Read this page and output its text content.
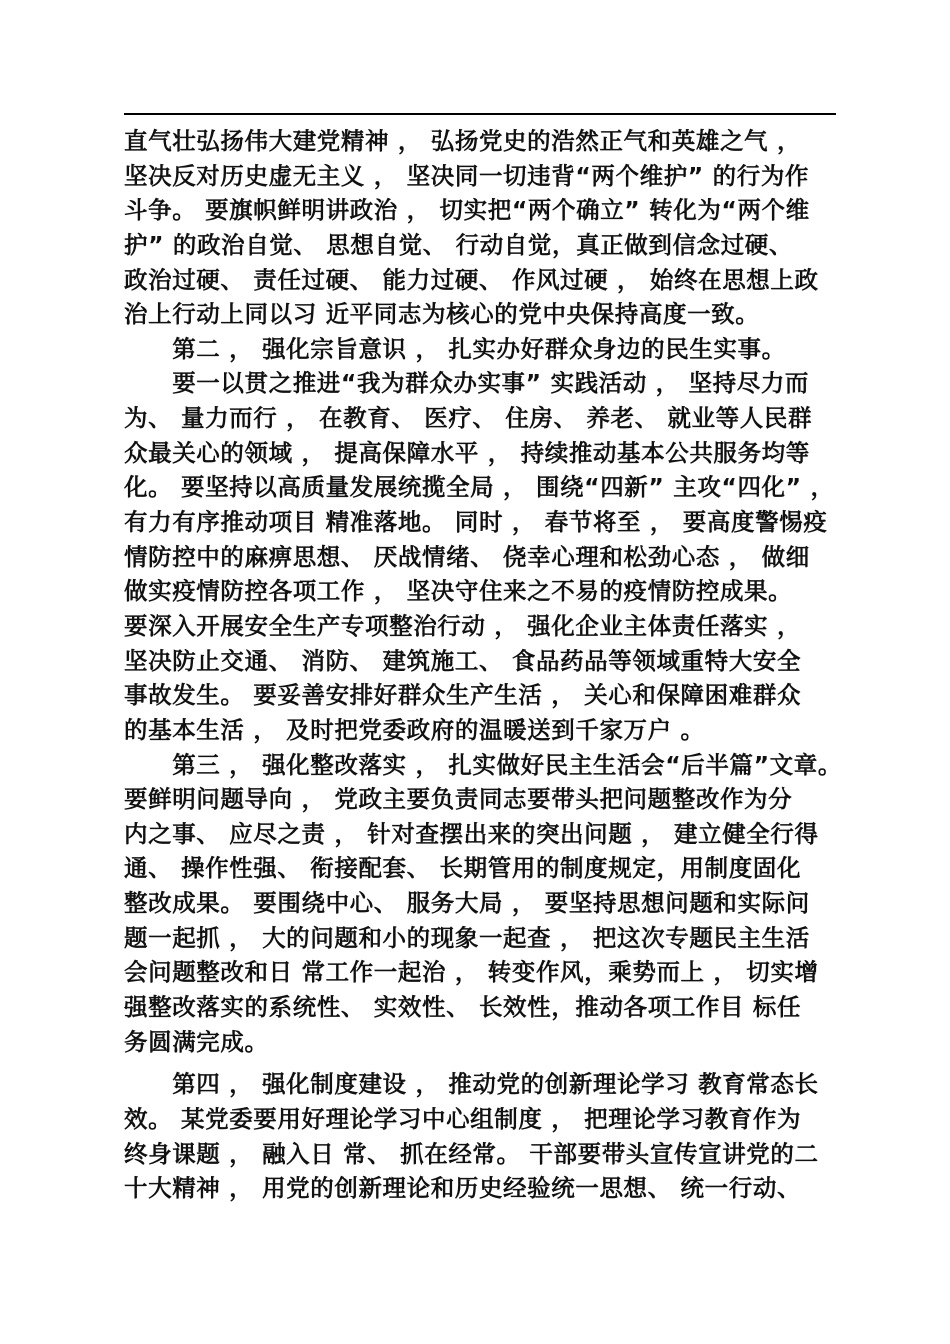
直气壮弘扬伟大建党精神 ， 弘扬党史的浩然正气和英雄之气 ，
坚决反对历史虚无主义 ， 坚决同一切违背“两个维护” 的行为作
斗争。 要旗帜鲜明讲政治 ， 切实把“两个确立” 转化为“两个维
护” 的政治自觉、 思想自觉、 行动自觉，真正做到信念过硬、
政治过硬、 责任过硬、 能力过硬、 作风过硬 ， 始终在思想上政
治上行动上同以习 近平同志为核心的党中央保持高度一致。
　　第二 ， 强化宗旨意识 ， 扎实办好群众身边的民生实事。
　　要一以贯之推进“我为群众办实事” 实践活动 ， 坚持尽力而
为、 量力而行 ， 在教育、 医疗、 住房、 养老、 就业等人民群
众最关心的领域 ， 提高保障水平 ， 持续推动基本公共服务均等
化。 要坚持以高质量发展统揽全局 ， 围绕“四新” 主攻“四化” ，
有力有序推动项目 精准落地。 同时 ， 春节将至 ， 要高度警惕疫
情防控中的麻痹思想、 厌战情绪、 侥幸心理和松劲心态 ， 做细
做实疫情防控各项工作 ， 坚决守住来之不易的疫情防控成果。
要深入开展安全生产专项整治行动 ， 强化企业主体责任落实 ，
坚决防止交通、 消防、 建筑施工、 食品药品等领域重特大安全
事故发生。 要妥善安排好群众生产生活 ， 关心和保障困难群众
的基本生活 ， 及时把党委政府的温暖送到千家万户 。
　　第三 ， 强化整改落实 ， 扎实做好民主生活会“后半篇”文章。
要鲜明问题导向 ， 党政主要负责同志要带头把问题整改作为分
内之事、 应尽之责 ， 针对查摆出来的突出问题 ， 建立健全行得
通、 操作性强、 衔接配套、 长期管用的制度规定，用制度固化
整改成果。 要围绕中心、 服务大局 ， 要坚持思想问题和实际问
题一起抓 ， 大的问题和小的现象一起查 ， 把这次专题民主生活
会问题整改和日 常工作一起治 ， 转变作风，乘势而上 ， 切实增
强整改落实的系统性、 实效性、 长效性，推动各项工作目 标任
务圆满完成。
　　第四 ， 强化制度建设 ， 推动党的创新理论学习 教育常态长
效。 某党委要用好理论学习中心组制度 ， 把理论学习教育作为
终身课题 ， 融入日 常、 抓在经常。 干部要带头宣传宣讲党的二
十大精神 ， 用党的创新理论和历史经验统一思想、 统一行动、
